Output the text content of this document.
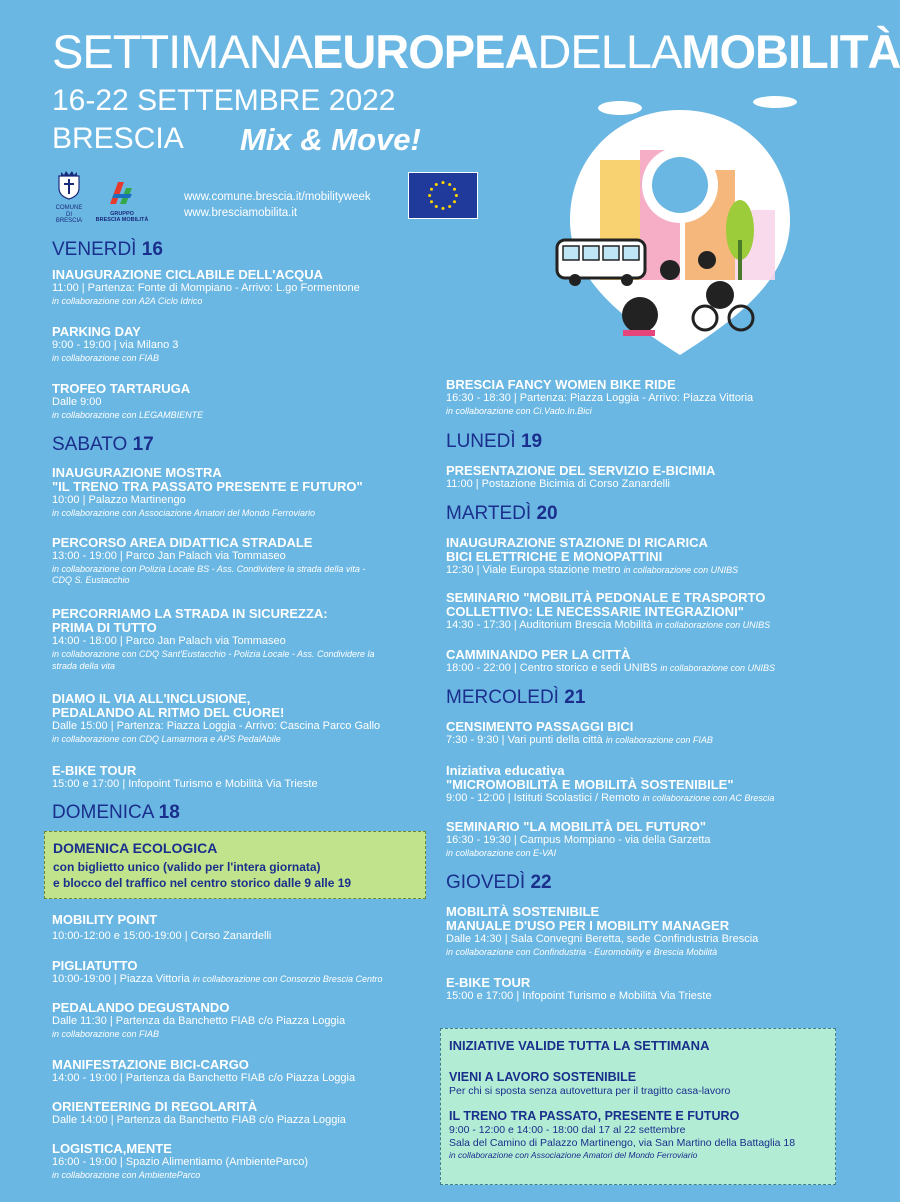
SETTIMANAEUROPEADELLAMOBILITÀ
16-22 SETTEMBRE 2022
BRESCIA Mix & Move!
COMUNE DI
BRESCIA
GRUPPO
BRESCIA MOBILITÀ
www.comune.brescia.it/mobilityweek
www.bresciamobilita.it
VENERDÌ 16
INAUGURAZIONE CICLABILE DELL'ACQUA
11:00 | Partenza: Fonte di Mompiano - Arrivo: L.go Formentone
in collaborazione con A2A Ciclo Idrico
PARKING DAY
9:00 - 19:00 | via Milano 3
in collaborazione con FIAB
TROFEO TARTARUGA
Dalle 9:00
in collaborazione con LEGAMBIENTE
SABATO 17
INAUGURAZIONE MOSTRA
"IL TRENO TRA PASSATO PRESENTE E FUTURO"
10:00 | Palazzo Martinengo
in collaborazione con Associazione Amatori del Mondo Ferroviario
PERCORSO AREA DIDATTICA STRADALE
13:00 - 19:00 | Parco Jan Palach via Tommaseo
in collaborazione con Polizia Locale BS - Ass. Condividere la strada della vita -
CDQ S. Eustacchio
PERCORRIAMO LA STRADA IN SICUREZZA:
PRIMA DI TUTTO
14:00 - 18:00 | Parco Jan Palach via Tommaseo
in collaborazione con CDQ Sant'Eustacchio - Polizia Locale - Ass. Condividere la
strada della vita
DIAMO IL VIA ALL'INCLUSIONE,
PEDALANDO AL RITMO DEL CUORE!
Dalle 15:00 | Partenza: Piazza Loggia - Arrivo: Cascina Parco Gallo
in collaborazione con CDQ Lamarmora e APS PedalAbile
E-BIKE TOUR
15:00 e 17:00 | Infopoint Turismo e Mobilità Via Trieste
DOMENICA 18
DOMENICA ECOLOGICA
con biglietto unico (valido per l'intera giornata)
e blocco del traffico nel centro storico dalle 9 alle 19
MOBILITY POINT
10:00-12:00 e 15:00-19:00 | Corso Zanardelli
PIGLIATUTTO
10:00-19:00 | Piazza Vittoria in collaborazione con Consorzio Brescia Centro
PEDALANDO DEGUSTANDO
Dalle 11:30 | Partenza da Banchetto FIAB c/o Piazza Loggia
in collaborazione con FIAB
MANIFESTAZIONE BICI-CARGO
14:00 - 19:00 | Partenza da Banchetto FIAB c/o Piazza Loggia
ORIENTEERING DI REGOLARITÀ
Dalle 14:00 | Partenza da Banchetto FIAB c/o Piazza Loggia
LOGISTICA,MENTE
16:00 - 19:00 | Spazio Alimentiamo (AmbienteParco)
in collaborazione con AmbienteParco
BRESCIA FANCY WOMEN BIKE RIDE
16:30 - 18:30 | Partenza: Piazza Loggia - Arrivo: Piazza Vittoria
in collaborazione con Ci.Vado.In.Bici
LUNEDÌ 19
PRESENTAZIONE DEL SERVIZIO E-BICIMIA
11:00 | Postazione Bicimia di Corso Zanardelli
MARTEDÌ 20
INAUGURAZIONE STAZIONE DI RICARICA
BICI ELETTRICHE E MONOPATTINI
12:30 | Viale Europa stazione metro in collaborazione con UNIBS
SEMINARIO "MOBILITÀ PEDONALE E TRASPORTO
COLLETTIVO: LE NECESSARIE INTEGRAZIONI"
14:30 - 17:30 | Auditorium Brescia Mobilità in collaborazione con UNIBS
CAMMINANDO PER LA CITTÀ
18:00 - 22:00 | Centro storico e sedi UNIBS in collaborazione con UNIBS
MERCOLEDÌ 21
CENSIMENTO PASSAGGI BICI
7:30 - 9:30 | Vari punti della città in collaborazione con FIAB
Iniziativa educativa
"MICROMOBILITÀ E MOBILITÀ SOSTENIBILE"
9:00 - 12:00 | Istituti Scolastici / Remoto in collaborazione con AC Brescia
SEMINARIO "LA MOBILITÀ DEL FUTURO"
16:30 - 19:30 | Campus Mompiano - via della Garzetta
in collaborazione con E-VAI
GIOVEDÌ 22
MOBILITÀ SOSTENIBILE
MANUALE D'USO PER I MOBILITY MANAGER
Dalle 14:30 | Sala Convegni Beretta, sede Confindustria Brescia
in collaborazione con Confindustria - Euromobility e Brescia Mobilità
E-BIKE TOUR
15:00 e 17:00 | Infopoint Turismo e Mobilità Via Trieste
INIZIATIVE VALIDE TUTTA LA SETTIMANA
VIENI A LAVORO SOSTENIBILE
Per chi si sposta senza autovettura per il tragitto casa-lavoro
IL TRENO TRA PASSATO, PRESENTE E FUTURO
9:00 - 12:00 e 14:00 - 18:00 dal 17 al 22 settembre
Sala del Camino di Palazzo Martinengo, via San Martino della Battaglia 18
in collaborazione con Associazione Amatori del Mondo Ferroviario
